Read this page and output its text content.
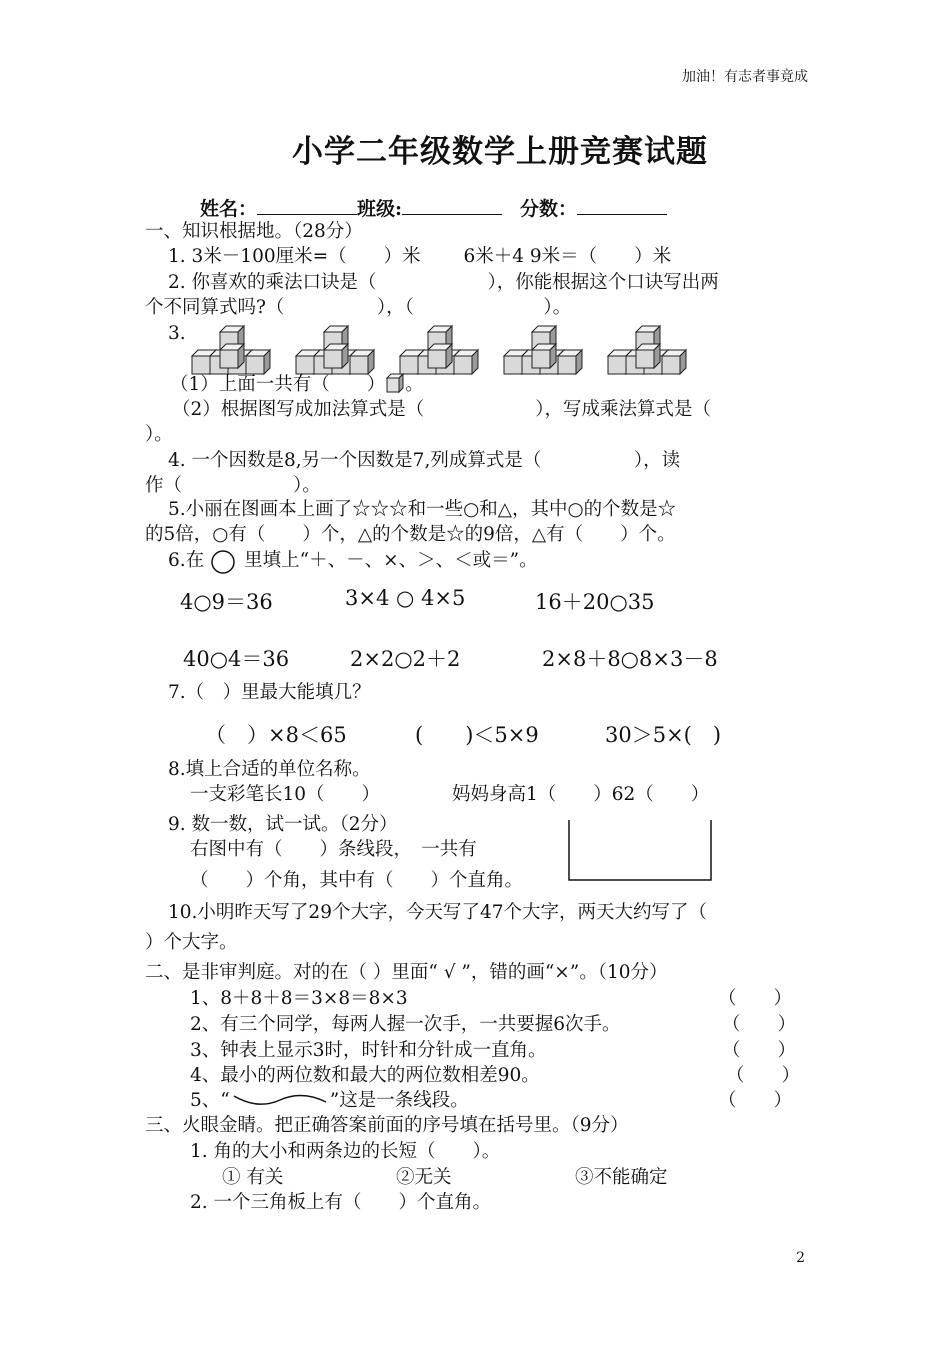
加油！有志者事竟成
小学二年级数学上册竞赛试题
姓名：	班级:	分数：
一、知识根据地。（28分）
1. 3米－100厘米=（　　）米　　 6米＋4 9米＝（　　）米
2. 你喜欢的乘法口诀是（　　　　　　），你能根据这个口诀写出两
个不同算式吗?（　　　　　），（　　　　　　　）。
3.
（1）上面一共有（　　） 。
（2）根据图写成加法算式是（　　　　　　），写成乘法算式是（
）。
4. 一个因数是8,另一个因数是7,列成算式是（　　　　　），读
作（　　　　　　）。
5.小丽在图画本上画了☆☆☆和一些○和△，其中○的个数是☆
的5倍，○有（　　）个，△的个数是☆的9倍，△有（　　）个。
6.在 里填上“＋、－、×、＞、＜或＝”。
4○9＝36	3×4 ○ 4×5	16＋20○35
40○4＝36	2×2○2＋2	2×8＋8○8×3－8
7.（　）里最大能填几？
（　）×8＜65	(　　)＜5×9	30＞5×(　)
8.填上合适的单位名称。
一支彩笔长10（　　）	妈妈身高1（　　）62（　　）
9. 数一数，试一试。（2分）
右图中有（　　）条线段，　一共有
（　　）个角，其中有（　　）个直角。
10.小明昨天写了29个大字，今天写了47个大字，两天大约写了（
）个大字。
二、是非审判庭。对的在（ ）里面“ √ ”，错的画“×”。（10分）
1、8＋8＋8＝3×8＝8×3	（　　）
2、有三个同学，每两人握一次手，一共要握6次手。	（　　）
3、钟表上显示3时，时针和分针成一直角。	（　　）
4、最小的两位数和最大的两位数相差90。	（　　）
5、“	”这是一条线段。	（　　）
三、火眼金睛。把正确答案前面的序号填在括号里。（9分）
1. 角的大小和两条边的长短（　　）。
① 有关	②无关	③不能确定
2. 一个三角板上有（　　）个直角。
2
